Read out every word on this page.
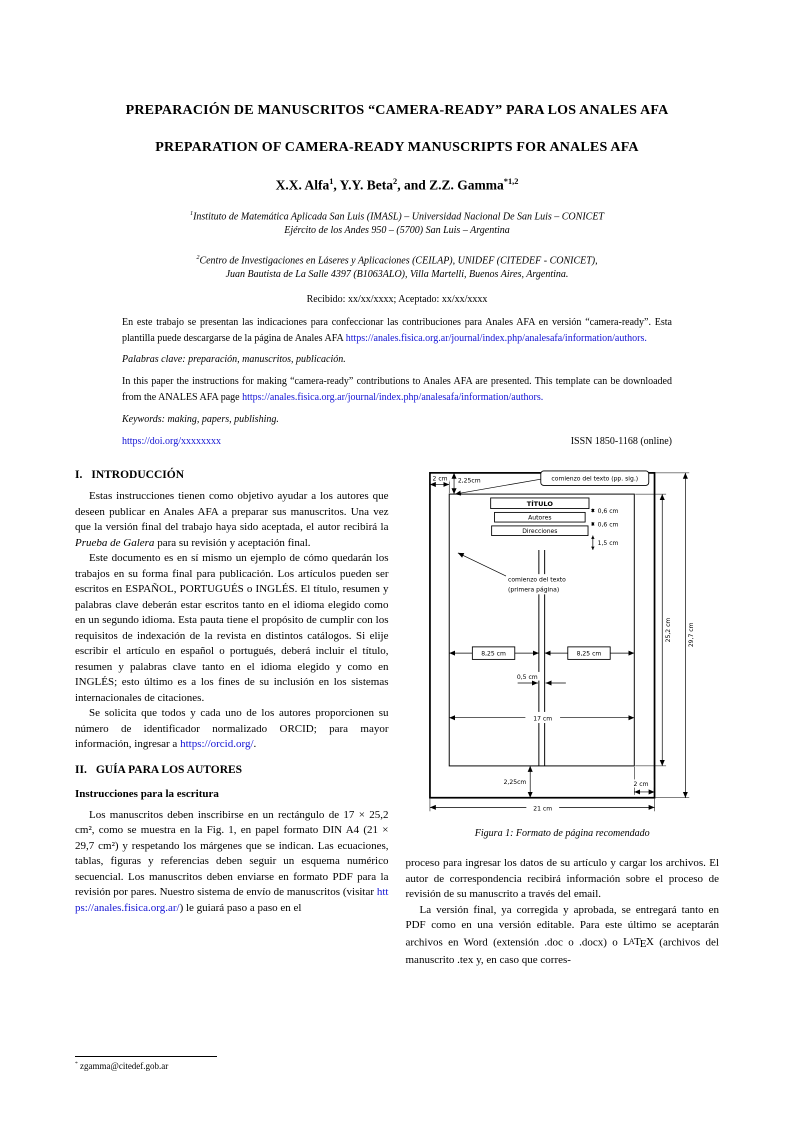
PREPARACIÓN DE MANUSCRITOS “CAMERA-READY” PARA LOS ANALES AFA
PREPARATION OF CAMERA-READY MANUSCRIPTS FOR ANALES AFA
X.X. Alfa$^1$, Y.Y. Beta$^2$, and Z.Z. Gamma$^{*1,2}$
$^1$Instituto de Matemática Aplicada San Luis (IMASL) – Universidad Nacional De San Luis – CONICET
Ejército de los Andes 950 – (5700) San Luis – Argentina
$^2$Centro de Investigaciones en Láseres y Aplicaciones (CEILAP), UNIDEF (CITEDEF - CONICET),
Juan Bautista de La Salle 4397 (B1063ALO), Villa Martelli, Buenos Aires, Argentina.
Recibido: xx/xx/xxxx; Aceptado: xx/xx/xxxx

En este trabajo se presentan las indicaciones para confeccionar las contribuciones para Anales AFA en versión “camera-ready”. Esta plantilla puede descargarse de la página de Anales AFA https://anales.fisica.org.ar/journal/index.php/analesafa/information/authors.

Palabras clave: preparación, manuscritos, publicación.

In this paper the instructions for making “camera-ready” contributions to Anales AFA are presented. This template can be downloaded from the ANALES AFA page https://anales.fisica.org.ar/journal/index.php/analesafa/information/authors.

Keywords: making, papers, publishing.

https://doi.org/xxxxxxxx	ISSN 1850-1168 (online)
I. INTRODUCCIÓN

Estas instrucciones tienen como objetivo ayudar a los autores que deseen publicar en Anales AFA a preparar sus manuscritos. Una vez que la versión final del trabajo haya sido aceptada, el autor recibirá la Prueba de Galera para su revisión y aceptación final.

Este documento es en sí mismo un ejemplo de cómo quedarán los trabajos en su forma final para publicación. Los artículos pueden ser escritos en ESPAÑOL, PORTUGUÉS o INGLÉS. El título, resumen y palabras clave deberán estar escritos tanto en el idioma elegido como en un segundo idioma. Esta pauta tiene el propósito de cumplir con los requisitos de indexación de la revista en distintos catálogos. Si elije escribir el artículo en español o portugués, deberá incluir el título, resumen y palabras clave tanto en el idioma elegido y como en INGLÉS; esto último es a los fines de su inclusión en los sistemas internacionales de citaciones.

Se solicita que todos y cada uno de los autores proporcionen su número de identificador normalizado ORCID; para mayor información, ingresar a https://orcid.org/.

II. GUÍA PARA LOS AUTORES
Instrucciones para la escritura

Los manuscritos deben inscribirse en un rectángulo de 17 × 25,2 cm², como se muestra en la Fig. 1, en papel formato DIN A4 (21 × 29,7 cm²) y respetando los márgenes que se indican. Las ecuaciones, tablas, figuras y referencias deben seguir un esquema numérico secuencial. Los manuscritos deben enviarse en formato PDF para la revisión por pares. Nuestro sistema de envío de manuscritos (visitar https://anales.fisica.org.ar/) le guiará paso a paso en el

TÍTULO
Autores
Direcciones
comienzo del texto (pp. sig.)
2 cm 2,25cm
0,6 cm
0,6 cm
1,5 cm
comienzo del texto
(primera página)
8,25 cm	8,25 cm
0,5 cm
17 cm
2,25cm	2 cm
21 cm
25,2 cm	29,7 cm
Figura 1: Formato de página recomendado

proceso para ingresar los datos de su artículo y cargar los archivos. El autor de correspondencia recibirá información sobre el proceso de revisión de su manuscrito a través del email.

La versión final, ya corregida y aprobada, se entregará tanto en PDF como en una versión editable. Para este último se aceptarán archivos en Word (extensión .doc o .docx) o LATEX (archivos del manuscrito .tex y, en caso que corres-

* zgamma@citedef.gob.ar
